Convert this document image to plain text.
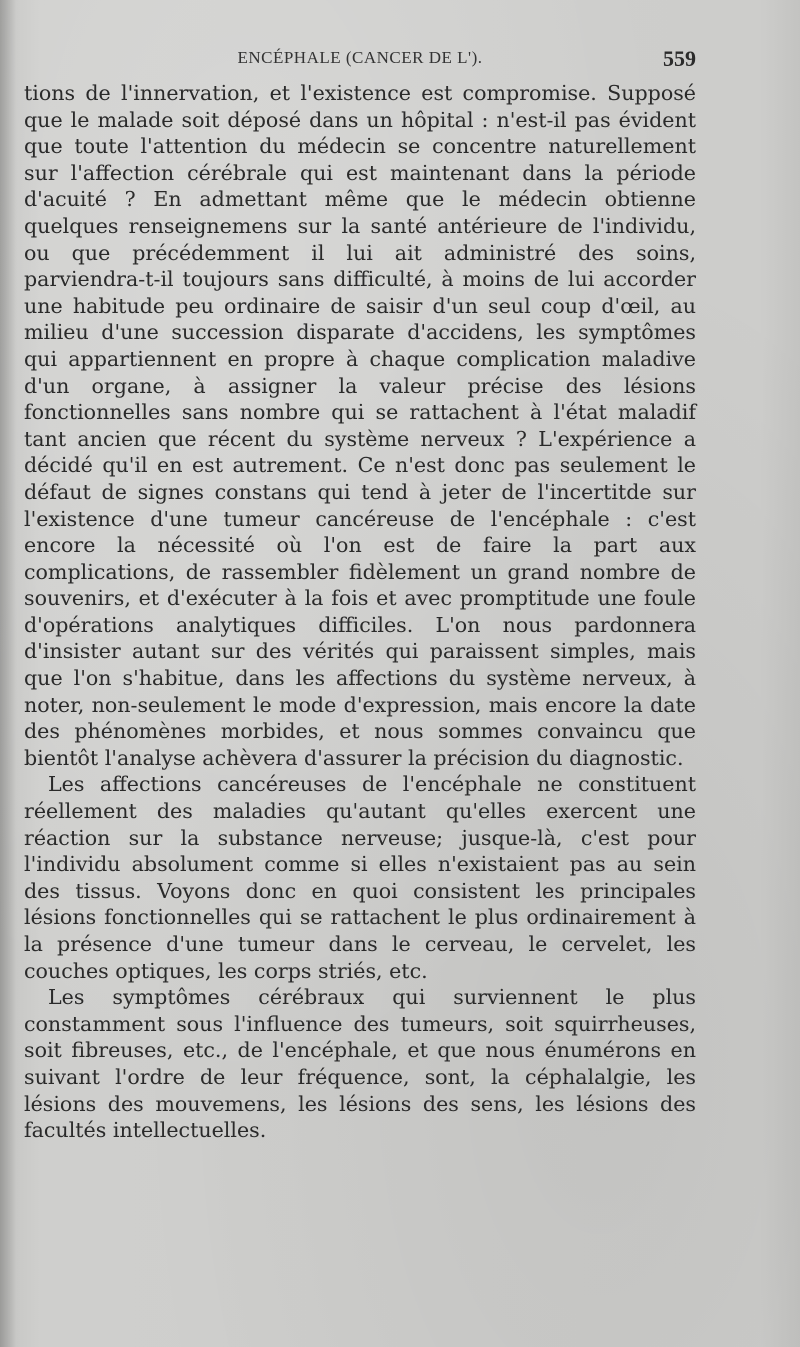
ENCÉPHALE (CANCER DE L').	559

tions de l'innervation, et l'existence est compromise. Supposé que le malade soit déposé dans un hôpital : n'est-il pas évident que toute l'attention du médecin se concentre naturellement sur l'affection cérébrale qui est maintenant dans la période d'acuité ? En admettant même que le médecin obtienne quelques renseignemens sur la santé antérieure de l'individu, ou que précédemment il lui ait administré des soins, parviendra-t-il toujours sans difficulté, à moins de lui accorder une habitude peu ordinaire de saisir d'un seul coup d'œil, au milieu d'une succession disparate d'accidens, les symptômes qui appartiennent en propre à chaque complication maladive d'un organe, à assigner la valeur précise des lésions fonctionnelles sans nombre qui se rattachent à l'état maladif tant ancien que récent du système nerveux ? L'expérience a décidé qu'il en est autrement. Ce n'est donc pas seulement le défaut de signes constans qui tend à jeter de l'incertitde sur l'existence d'une tumeur cancéreuse de l'encéphale : c'est encore la nécessité où l'on est de faire la part aux complications, de rassembler fidèlement un grand nombre de souvenirs, et d'exécuter à la fois et avec promptitude une foule d'opérations analytiques difficiles. L'on nous pardonnera d'insister autant sur des vérités qui paraissent simples, mais que l'on s'habitue, dans les affections du système nerveux, à noter, non-seulement le mode d'expression, mais encore la date des phénomènes morbides, et nous sommes convaincu que bientôt l'analyse achèvera d'assurer la précision du diagnostic.

Les affections cancéreuses de l'encéphale ne constituent réellement des maladies qu'autant qu'elles exercent une réaction sur la substance nerveuse; jusque-là, c'est pour l'individu absolument comme si elles n'existaient pas au sein des tissus. Voyons donc en quoi consistent les principales lésions fonctionnelles qui se rattachent le plus ordinairement à la présence d'une tumeur dans le cerveau, le cervelet, les couches optiques, les corps striés, etc.

Les symptômes cérébraux qui surviennent le plus constamment sous l'influence des tumeurs, soit squirrheuses, soit fibreuses, etc., de l'encéphale, et que nous énumérons en suivant l'ordre de leur fréquence, sont, la céphalalgie, les lésions des mouvemens, les lésions des sens, les lésions des facultés intellectuelles.
